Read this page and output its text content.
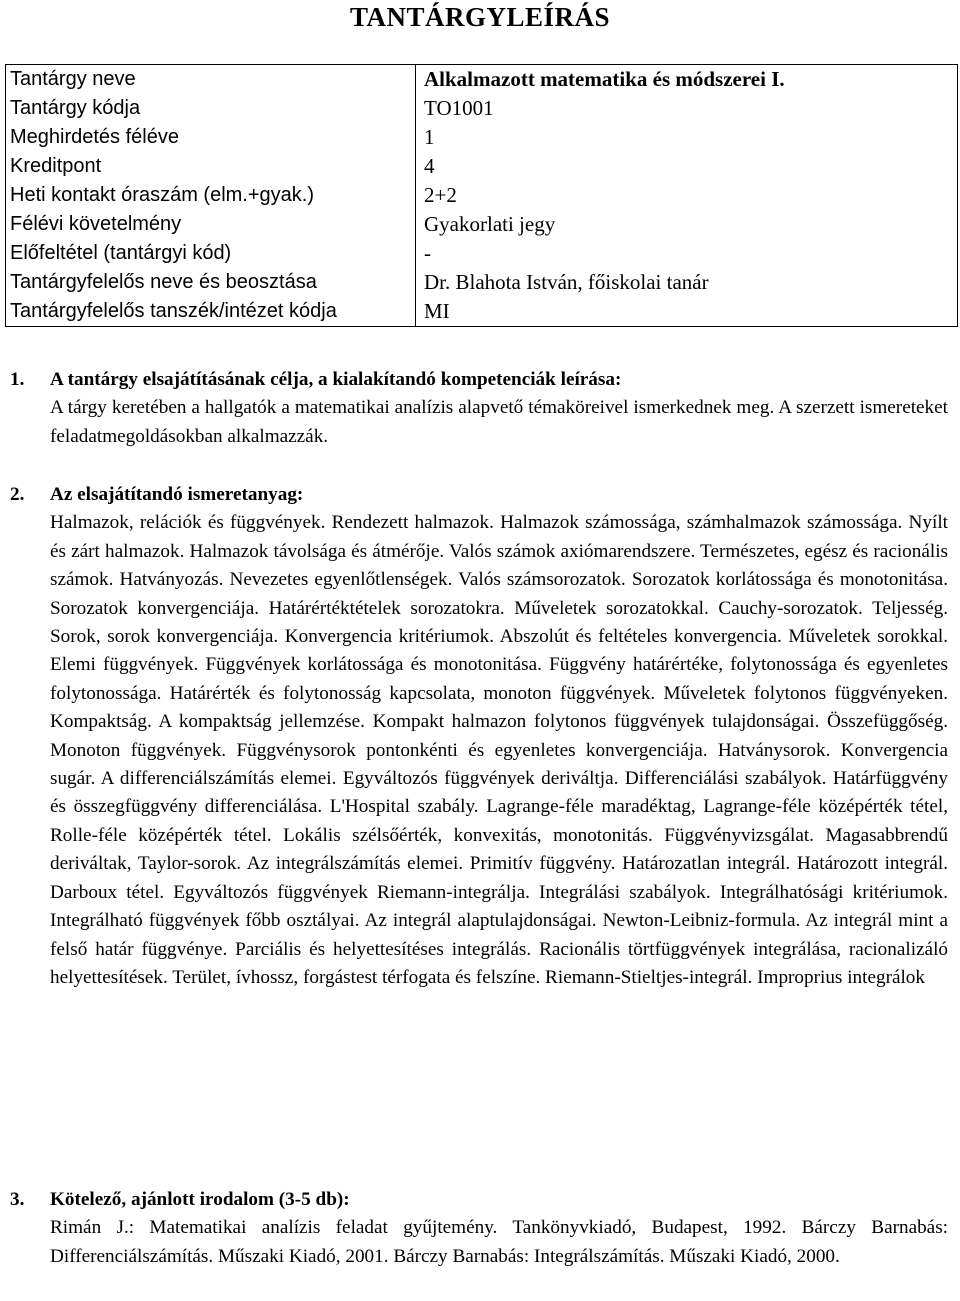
TANTÁRGYLEÍRÁS
Tantárgy neve	Alkalmazott matematika és módszerei I.
Tantárgy kódja	TO1001
Meghirdetés féléve	1
Kreditpont	4
Heti kontakt óraszám (elm.+gyak.)	2+2
Félévi követelmény	Gyakorlati jegy
Előfeltétel (tantárgyi kód)	-
Tantárgyfelelős neve és beosztása	Dr. Blahota István, főiskolai tanár
Tantárgyfelelős tanszék/intézet kódja	MI
1. A tantárgy elsajátításának célja, a kialakítandó kompetenciák leírása:
A tárgy keretében a hallgatók a matematikai analízis alapvető témaköreivel ismerkednek meg. A szerzett ismereteket feladatmegoldásokban alkalmazzák.
2. Az elsajátítandó ismeretanyag:
Halmazok, relációk és függvények. Rendezett halmazok. Halmazok számossága, számhalmazok számossága. Nyílt és zárt halmazok. Halmazok távolsága és átmérője. Valós számok axiómarendszere. Természetes, egész és racionális számok. Hatványozás. Nevezetes egyenlőtlenségek. Valós számsorozatok. Sorozatok korlátossága és monotonitása. Sorozatok konvergenciája. Határértéktételek sorozatokra. Műveletek sorozatokkal. Cauchy-sorozatok. Teljesség. Sorok, sorok konvergenciája. Konvergencia kritériumok. Abszolút és feltételes konvergencia. Műveletek sorokkal. Elemi függvények. Függvények korlátossága és monotonitása. Függvény határértéke, folytonossága és egyenletes folytonossága. Határérték és folytonosság kapcsolata, monoton függvények. Műveletek folytonos függvényeken. Kompaktság. A kompaktság jellemzése. Kompakt halmazon folytonos függvények tulajdonságai. Összefüggőség. Monoton függvények. Függvénysorok pontonkénti és egyenletes konvergenciája. Hatványsorok. Konvergencia sugár. A differenciálszámítás elemei. Egyváltozós függvények deriváltja. Differenciálási szabályok. Határfüggvény és összegfüggvény differenciálása. L'Hospital szabály. Lagrange-féle maradéktag, Lagrange-féle középérték tétel, Rolle-féle középérték tétel. Lokális szélsőérték, konvexitás, monotonitás. Függvényvizsgálat. Magasabbrendű deriváltak, Taylor-sorok. Az integrálszámítás elemei. Primitív függvény. Határozatlan integrál. Határozott integrál. Darboux tétel. Egyváltozós függvények Riemann-integrálja. Integrálási szabályok. Integrálhatósági kritériumok. Integrálható függvények főbb osztályai. Az integrál alaptulajdonságai. Newton-Leibniz-formula. Az integrál mint a felső határ függvénye. Parciális és helyettesítéses integrálás. Racionális törtfüggvények integrálása, racionalizáló helyettesítések. Terület, ívhossz, forgástest térfogata és felszíne. Riemann-Stieltjes-integrál. Improprius integrálok
3. Kötelező, ajánlott irodalom (3-5 db):
Rimán J.: Matematikai analízis feladat gyűjtemény. Tankönyvkiadó, Budapest, 1992. Bárczy Barnabás: Differenciálszámítás. Műszaki Kiadó, 2001. Bárczy Barnabás: Integrálszámítás. Műszaki Kiadó, 2000.
